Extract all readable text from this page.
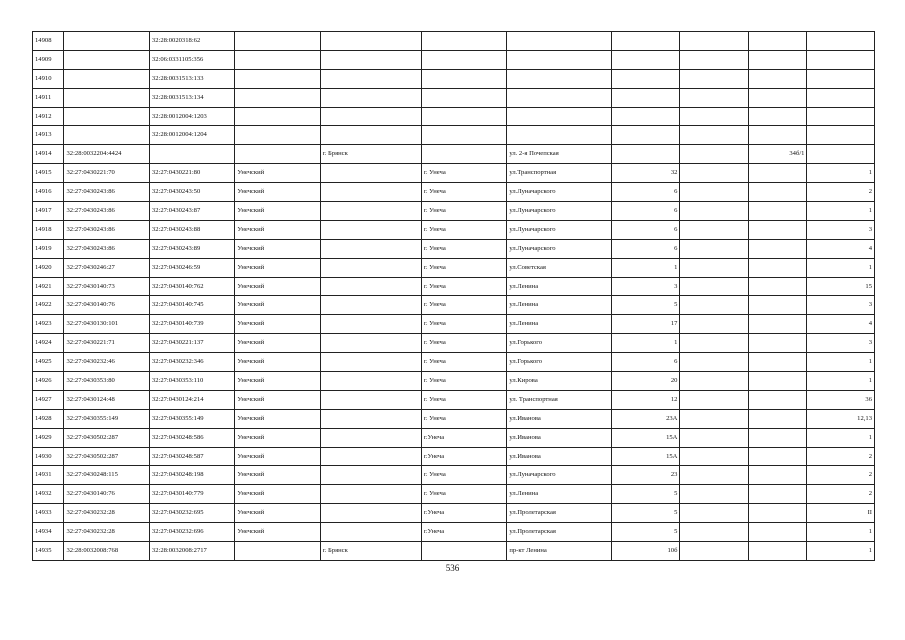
14908		32:28:0020318:62								
14909		32:06:0331105:356								
14910		32:28:0031513:133								
14911		32:28:0031513:134								
14912		32:28:0012004:1203								
14913		32:28:0012004:1204								
14914	32:28:0032204:4424			г. Брянск		ул. 2-я Почепская			34б/1	
14915	32:27:0430221:70	32:27:0430221:80	Унечский		г. Унеча	ул.Транспортная	32			1
14916	32:27:0430243:86	32:27:0430243:50	Унечский		г. Унеча	ул.Луначарского	6			2
14917	32:27:0430243:86	32:27:0430243:87	Унечский		г. Унеча	ул.Луначарского	6			1
14918	32:27:0430243:86	32:27:0430243:88	Унечский		г. Унеча	ул.Луначарского	6			3
14919	32:27:0430243:86	32:27:0430243:89	Унечский		г. Унеча	ул.Луначарского	6			4
14920	32:27:0430246:27	32:27:0430246:59	Унечский		г. Унеча	ул.Советская	1			1
14921	32:27:0430140:73	32:27:0430140:762	Унечский		г. Унеча	ул.Ленина	3			15
14922	32:27:0430140:76	32:27:0430140:745	Унечский		г. Унеча	ул.Ленина	5			3
14923	32:27:0430130:101	32:27:0430140:739	Унечский		г. Унеча	ул.Ленина	17			4
14924	32:27:0430221:71	32:27:0430221:137	Унечский		г. Унеча	ул.Горького	1			3
14925	32:27:0430232:46	32:27:0430232:346	Унечский		г. Унеча	ул.Горького	6			1
14926	32:27:0430353:80	32:27:0430353:110	Унечский		г. Унеча	ул.Кирова	20			1
14927	32:27:0430124:48	32:27:0430124:214	Унечский		г. Унеча	ул. Транспортная	12			36
14928	32:27:0430355:149	32:27:0430355:149	Унечский		г. Унеча	ул.Иванова	23А			12,13
14929	32:27:0430502:287	32:27:0430248:586	Унечский		г.Унеча	ул.Иванова	15А			1
14930	32:27:0430502:287	32:27:0430248:587	Унечский		г.Унеча	ул.Иванова	15А			2
14931	32:27:0430248:115	32:27:0430248:198	Унечский		г. Унеча	ул.Луначарского	23			2
14932	32:27:0430140:76	32:27:0430140:779	Унечский		г. Унеча	ул.Ленина	5			2
14933	32:27:0430232:28	32:27:0430232:695	Унечский		г.Унеча	ул.Пролетарская	5			II
14934	32:27:0430232:28	32:27:0430232:696	Унечский		г.Унеча	ул.Пролетарская	5			1
14935	32:28:0032008:768	32:28:0032008:2717		г. Брянск		пр-кт Ленина	10б			1
536
